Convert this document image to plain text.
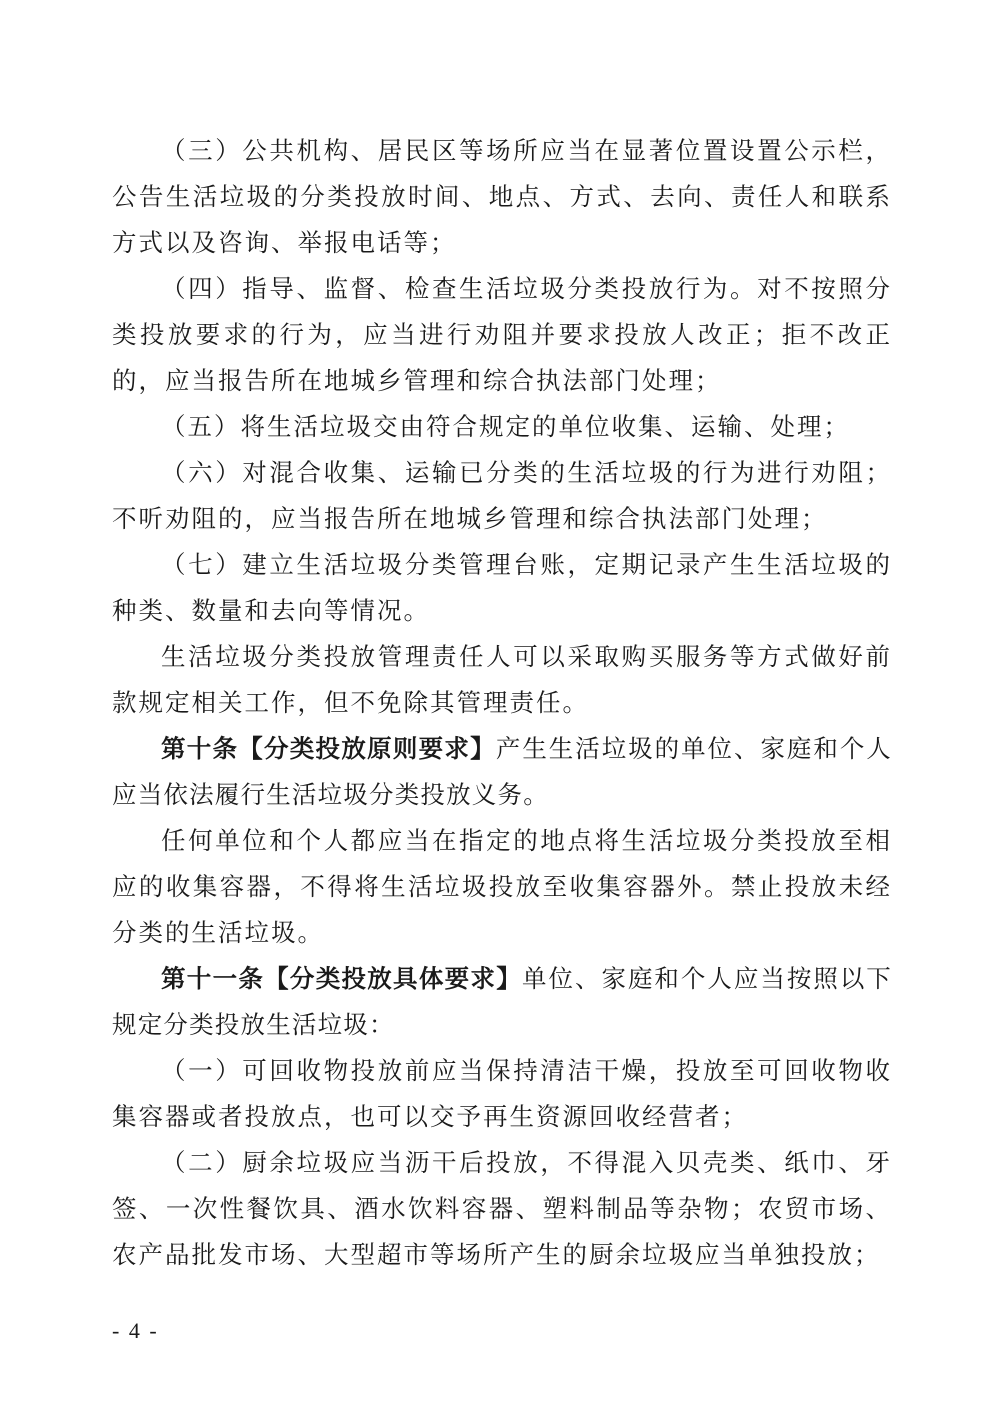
（三）公共机构、居民区等场所应当在显著位置设置公示栏，公告生活垃圾的分类投放时间、地点、方式、去向、责任人和联系方式以及咨询、举报电话等；

（四）指导、监督、检查生活垃圾分类投放行为。对不按照分类投放要求的行为，应当进行劝阻并要求投放人改正；拒不改正的，应当报告所在地城乡管理和综合执法部门处理；

（五）将生活垃圾交由符合规定的单位收集、运输、处理；

（六）对混合收集、运输已分类的生活垃圾的行为进行劝阻；不听劝阻的，应当报告所在地城乡管理和综合执法部门处理；

（七）建立生活垃圾分类管理台账，定期记录产生生活垃圾的种类、数量和去向等情况。

生活垃圾分类投放管理责任人可以采取购买服务等方式做好前款规定相关工作，但不免除其管理责任。

第十条【分类投放原则要求】产生生活垃圾的单位、家庭和个人应当依法履行生活垃圾分类投放义务。

任何单位和个人都应当在指定的地点将生活垃圾分类投放至相应的收集容器，不得将生活垃圾投放至收集容器外。禁止投放未经分类的生活垃圾。

第十一条【分类投放具体要求】单位、家庭和个人应当按照以下规定分类投放生活垃圾：

（一）可回收物投放前应当保持清洁干燥，投放至可回收物收集容器或者投放点，也可以交予再生资源回收经营者；

（二）厨余垃圾应当沥干后投放，不得混入贝壳类、纸巾、牙签、一次性餐饮具、酒水饮料容器、塑料制品等杂物；农贸市场、农产品批发市场、大型超市等场所产生的厨余垃圾应当单独投放；

- 4 -
